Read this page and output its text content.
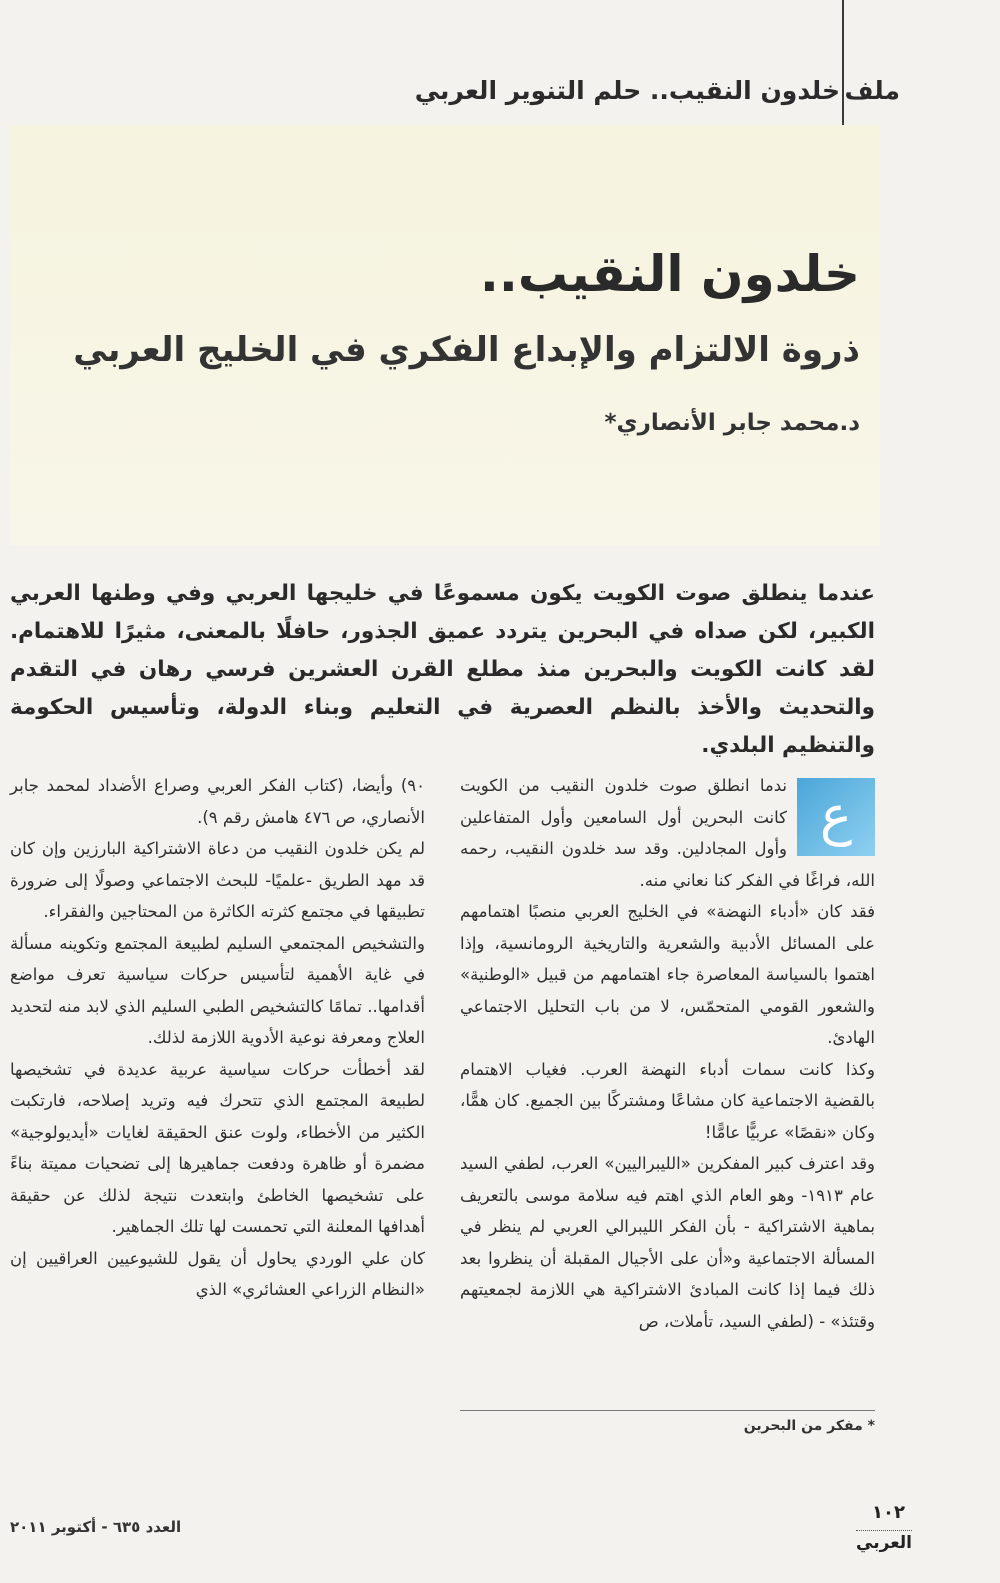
ملف
خلدون النقيب.. حلم التنوير العربي
خلدون النقيب..
ذروة الالتزام والإبداع الفكري في الخليج العربي

د.محمد جابر الأنصاري*

عندما ينطلق صوت الكويت يكون مسموعًا في خليجها العربي وفي وطنها العربي الكبير، لكن صداه في البحرين يتردد عميق الجذور، حافلًا بالمعنى، مثيرًا للاهتمام. لقد كانت الكويت والبحرين منذ مطلع القرن العشرين فرسي رهان في التقدم والتحديث والأخذ بالنظم العصرية في التعليم وبناء الدولة، وتأسيس الحكومة والتنظيم البلدي.

ع

ندما انطلق صوت خلدون النقيب من الكويت كانت البحرين أول السامعين وأول المتفاعلين وأول المجادلين. وقد سد خلدون النقيب، رحمه الله، فراغًا في الفكر كنا نعاني منه.

فقد كان «أدباء النهضة» في الخليج العربي منصبًا اهتمامهم على المسائل الأدبية والشعرية والتاريخية الرومانسية، وإذا اهتموا بالسياسة المعاصرة جاء اهتمامهم من قبيل «الوطنية» والشعور القومي المتحمّس، لا من باب التحليل الاجتماعي الهادئ.

وكذا كانت سمات أدباء النهضة العرب. فغياب الاهتمام بالقضية الاجتماعية كان مشاعًا ومشتركًا بين الجميع. كان همًّا، وكان «نقصًا» عربيًّا عامًّا!

وقد اعترف كبير المفكرين «الليبراليين» العرب، لطفي السيد عام ١٩١٣- وهو العام الذي اهتم فيه سلامة موسى بالتعريف بماهية الاشتراكية - بأن الفكر الليبرالي العربي لم ينظر في المسألة الاجتماعية و«أن على الأجيال المقبلة أن ينظروا بعد ذلك فيما إذا كانت المبادئ الاشتراكية هي اللازمة لجمعيتهم وقتئذ» - (لطفي السيد، تأملات، ص

٩٠) وأيضا، (كتاب الفكر العربي وصراع الأضداد لمحمد جابر الأنصاري، ص ٤٧٦ هامش رقم ٩).

لم يكن خلدون النقيب من دعاة الاشتراكية البارزين وإن كان قد مهد الطريق -علميًا- للبحث الاجتماعي وصولًا إلى ضرورة تطبيقها في مجتمع كثرته الكاثرة من المحتاجين والفقراء.

والتشخيص المجتمعي السليم لطبيعة المجتمع وتكوينه مسألة في غاية الأهمية لتأسيس حركات سياسية تعرف مواضع أقدامها.. تمامًا كالتشخيص الطبي السليم الذي لابد منه لتحديد العلاج ومعرفة نوعية الأدوية اللازمة لذلك.

لقد أخطأت حركات سياسية عربية عديدة في تشخيصها لطبيعة المجتمع الذي تتحرك فيه وتريد إصلاحه، فارتكبت الكثير من الأخطاء، ولوت عنق الحقيقة لغايات «أيديولوجية» مضمرة أو ظاهرة ودفعت جماهيرها إلى تضحيات مميتة بناءً على تشخيصها الخاطئ وابتعدت نتيجة لذلك عن حقيقة أهدافها المعلنة التي تحمست لها تلك الجماهير.

كان علي الوردي يحاول أن يقول للشيوعيين العراقيين إن «النظام الزراعي العشائري» الذي

* مفكر من البحرين

١٠٢

العربي

العدد ٦٣٥ - أكتوبر ٢٠١١
